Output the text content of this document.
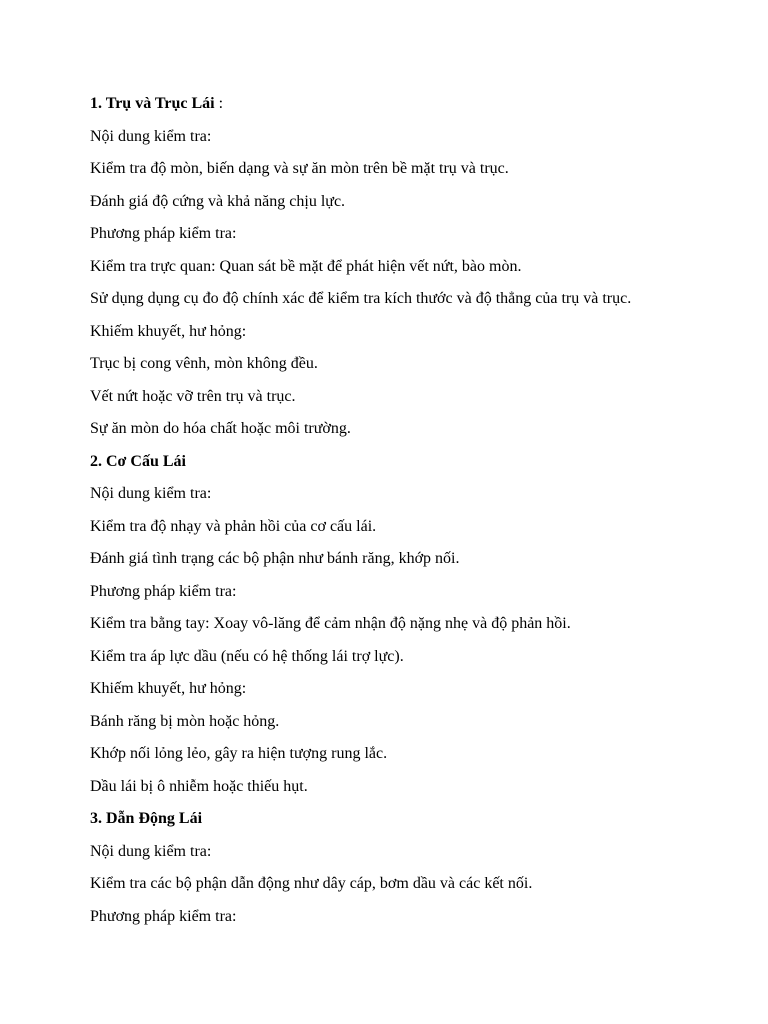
1. Trụ và Trục Lái :

Nội dung kiểm tra:

Kiểm tra độ mòn, biến dạng và sự ăn mòn trên bề mặt trụ và trục.

Đánh giá độ cứng và khả năng chịu lực.

Phương pháp kiểm tra:

Kiểm tra trực quan: Quan sát bề mặt để phát hiện vết nứt, bào mòn.

Sử dụng dụng cụ đo độ chính xác để kiểm tra kích thước và độ thẳng của trụ và trục.

Khiếm khuyết, hư hỏng:

Trục bị cong vênh, mòn không đều.

Vết nứt hoặc vỡ trên trụ và trục.

Sự ăn mòn do hóa chất hoặc môi trường.

2. Cơ Cấu Lái

Nội dung kiểm tra:

Kiểm tra độ nhạy và phản hồi của cơ cấu lái.

Đánh giá tình trạng các bộ phận như bánh răng, khớp nối.

Phương pháp kiểm tra:

Kiểm tra bằng tay: Xoay vô-lăng để cảm nhận độ nặng nhẹ và độ phản hồi.

Kiểm tra áp lực dầu (nếu có hệ thống lái trợ lực).

Khiếm khuyết, hư hỏng:

Bánh răng bị mòn hoặc hỏng.

Khớp nối lỏng lẻo, gây ra hiện tượng rung lắc.

Dầu lái bị ô nhiễm hoặc thiếu hụt.

3. Dẫn Động Lái

Nội dung kiểm tra:

Kiểm tra các bộ phận dẫn động như dây cáp, bơm dầu và các kết nối.

Phương pháp kiểm tra:
